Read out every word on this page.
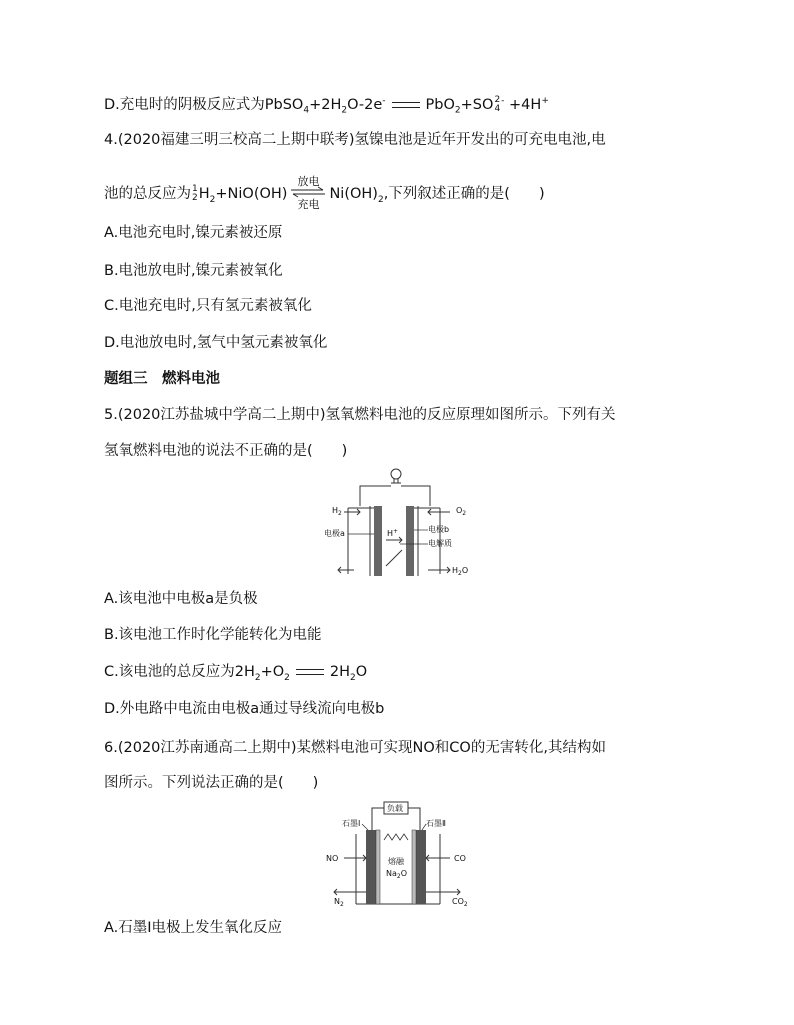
D.充电时的阴极反应式为$PbSO_4+2H_2O-2e^-$	PbO$_2$+SO 2
4
- +4H+
4.(2020福建三明三校高二上期中联考)氢镍电池是近年开发出的可充电电池,电
池的总反应为 1
2 $H_2+NiO(OH)$
放电
充电
$Ni(OH)_2$,下列叙述正确的是(　　)
A.电池充电时,镍元素被还原
B.电池放电时,镍元素被氧化
C.电池充电时,只有氢元素被氧化
D.电池放电时,氢气中氢元素被氧化
题组三　燃料电池
5.(2020江苏盐城中学高二上期中)氢氧燃料电池的反应原理如图所示。下列有关
氢氧燃料电池的说法不正确的是(　　)
H+
$H_2$	$O_2$
电极a	电极b
电解质
$H_2O$
A.该电池中电极a是负极
B.该电池工作时化学能转化为电能
C.该电池的总反应为$2H_2+O_2$	$2H_2O$
D.外电路中电流由电极a通过导线流向电极b
6.(2020江苏南通高二上期中)某燃料电池可实现NO和CO的无害转化,其结构如
图所示。下列说法正确的是(　　)
负载
石墨Ⅰ	石墨Ⅱ
熔融
$Na_2O$
NO	CO
$N_2$	$CO_2$
A.石墨Ⅰ电极上发生氧化反应
